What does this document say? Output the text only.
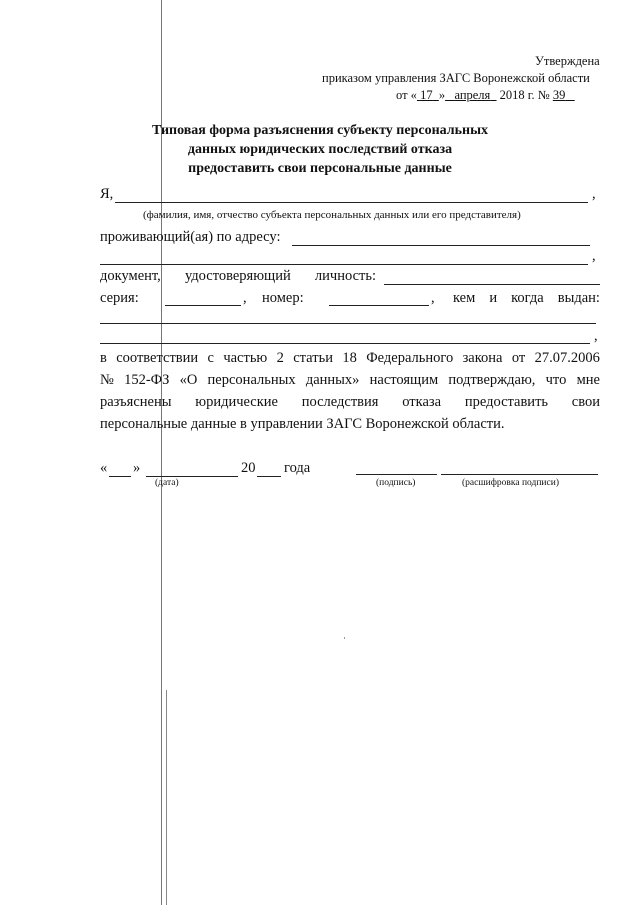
Утверждена
приказом управления ЗАГС Воронежской области
от « 17 » апреля 2018 г. № 39
Типовая форма разъяснения субъекту персональных
данных юридических последствий отказа
предоставить свои персональные данные
Я,	,
(фамилия, имя, отчество субъекта персональных данных или его представителя)
проживающий(ая) по адресу:
,
документ, удостоверяющий личность:
серия:	, номер:	, кем и когда выдан:
,
в соответствии с частью 2 статьи 18 Федерального закона от 27.07.2006
№ 152-ФЗ «О персональных данных» настоящим подтверждаю, что мне
разъяснены юридические последствия отказа предоставить свои
персональные данные в управлении ЗАГС Воронежской области.
« »	20 года
(дата)	(подпись)	(расшифровка подписи)
